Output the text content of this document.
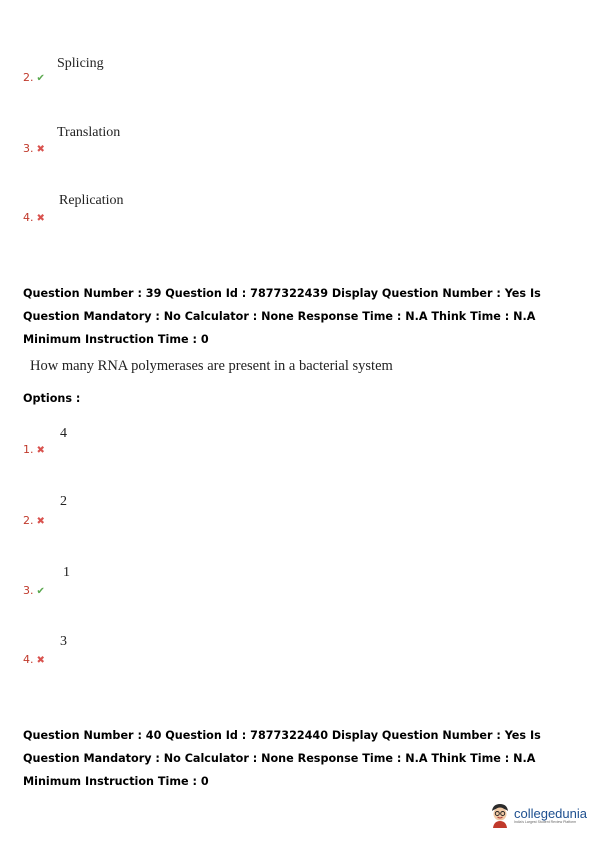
2. ✔
Splicing
3. ✖
Translation
4. ✖
Replication
Question Number : 39 Question Id : 7877322439 Display Question Number : Yes Is Question Mandatory : No Calculator : None Response Time : N.A Think Time : N.A Minimum Instruction Time : 0
How many RNA polymerases are present in a bacterial system
Options :
1. ✖
4
2. ✖
2
3. ✔
1
4. ✖
3
Question Number : 40 Question Id : 7877322440 Display Question Number : Yes Is Question Mandatory : No Calculator : None Response Time : N.A Think Time : N.A Minimum Instruction Time : 0
collegedunia
India's Largest Student Review Platform
